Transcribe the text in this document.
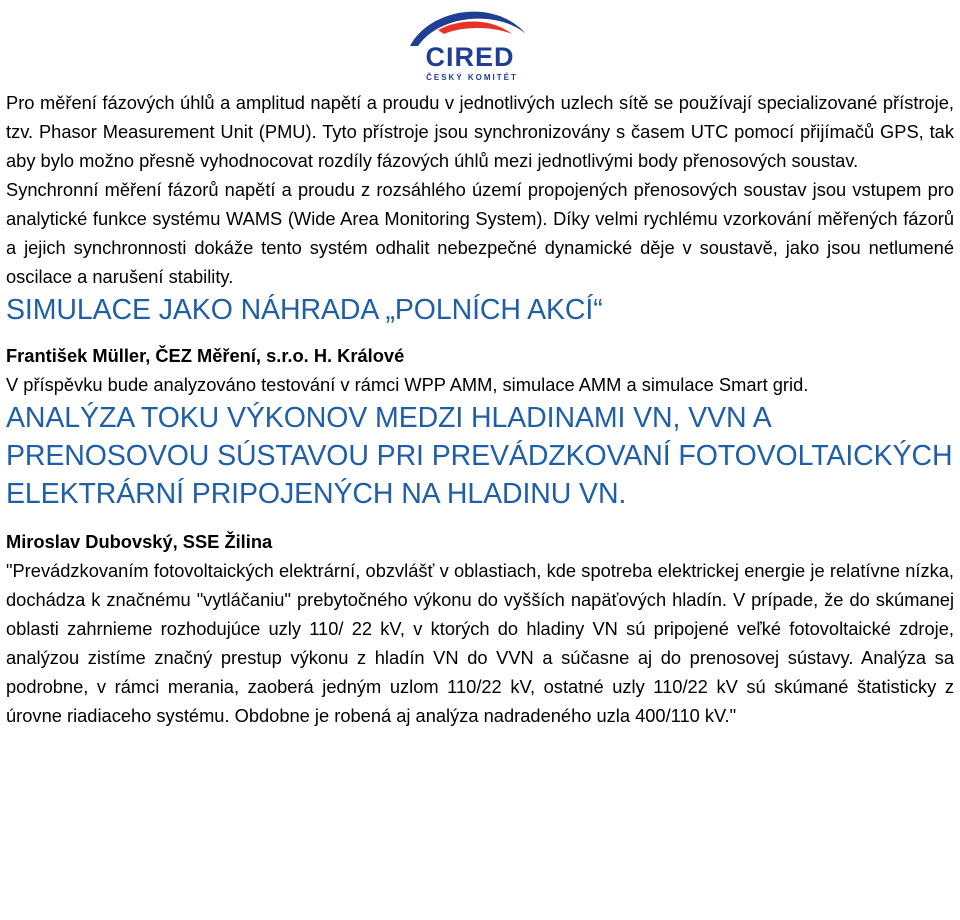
CIRED
ČESKÝ KOMITÉT

Pro měření fázových úhlů a amplitud napětí a proudu v jednotlivých uzlech sítě se používají specializované přístroje, tzv. Phasor Measurement Unit (PMU). Tyto přístroje jsou synchronizovány s časem UTC pomocí přijímačů GPS, tak aby bylo možno přesně vyhodnocovat rozdíly fázových úhlů mezi jednotlivými body přenosových soustav.

Synchronní měření fázorů napětí a proudu z rozsáhlého území propojených přenosových soustav jsou vstupem pro analytické funkce systému WAMS (Wide Area Monitoring System). Díky velmi rychlému vzorkování měřených fázorů a jejich synchronnosti dokáže tento systém odhalit nebezpečné dynamické děje v soustavě, jako jsou netlumené oscilace a narušení stability.

SIMULACE JAKO NÁHRADA „POLNÍCH AKCÍ“

František Müller, ČEZ Měření, s.r.o. H. Králové

V příspěvku bude analyzováno testování v rámci WPP AMM, simulace AMM a simulace Smart grid.

ANALÝZA TOKU VÝKONOV MEDZI HLADINAMI VN, VVN A PRENOSOVOU SÚSTAVOU PRI PREVÁDZKOVANÍ FOTOVOLTAICKÝCH ELEKTRÁRNÍ PRIPOJENÝCH NA HLADINU VN.

Miroslav Dubovský, SSE Žilina

"Prevádzkovaním fotovoltaických elektrární, obzvlášť v oblastiach, kde spotreba elektrickej energie je relatívne nízka, dochádza k značnému "vytláčaniu" prebytočného výkonu do vyšších napäťových hladín. V prípade, že do skúmanej oblasti zahrnieme rozhodujúce uzly 110/ 22 kV, v ktorých do hladiny VN sú pripojené veľké fotovoltaické zdroje, analýzou zistíme značný prestup výkonu z hladín VN do VVN a súčasne aj do prenosovej sústavy. Analýza sa podrobne, v rámci merania, zaoberá jedným uzlom 110/22 kV, ostatné uzly 110/22 kV sú skúmané štatisticky z úrovne riadiaceho systému. Obdobne je robená aj analýza nadradeného uzla 400/110 kV."
